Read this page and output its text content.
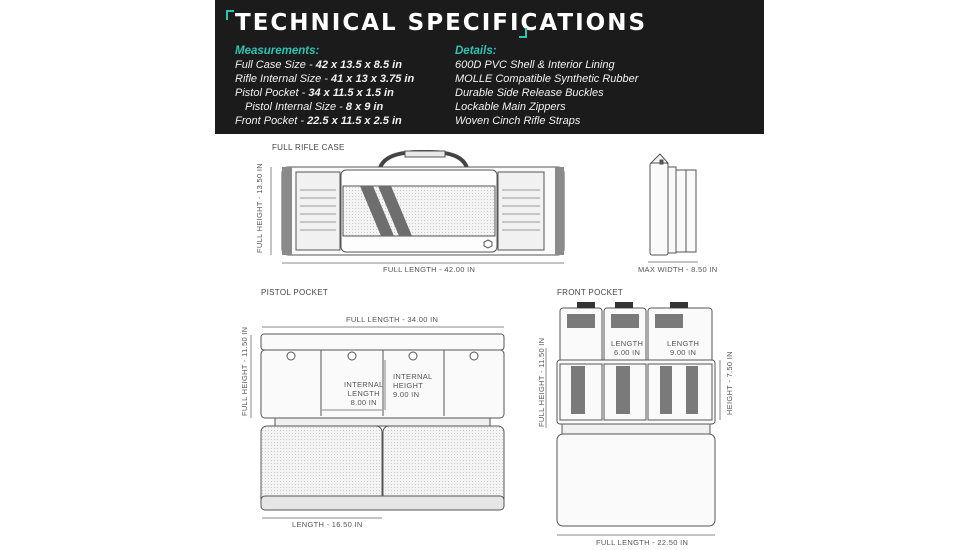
TECHNICAL SPECIFICATIONS
Measurements:
Full Case Size - 42 x 13.5 x 8.5 in
Rifle Internal Size - 41 x 13 x 3.75 in
Pistol Pocket - 34 x 11.5 x 1.5 in
Pistol Internal Size - 8 x 9 in
Front Pocket - 22.5 x 11.5 x 2.5 in
Details:
600D PVC Shell & Interior Lining
MOLLE Compatible Synthetic Rubber
Durable Side Release Buckles
Lockable Main Zippers
Woven Cinch Rifle Straps
FULL RIFLE CASE
FULL HEIGHT - 13.50 IN
FULL LENGTH - 42.00 IN	MAX WIDTH - 8.50 IN
PISTOL POCKET
FULL LENGTH - 34.00 IN
FULL HEIGHT - 11.50 IN	INTERNAL
LENGTH
8.00 IN
INTERNAL
HEIGHT
9.00 IN
LENGTH - 16.50 IN
FRONT POCKET
LENGTH
6.00 IN
LENGTH
9.00 IN
FULL HEIGHT - 11.50 IN	HEIGHT - 7.50 IN
FULL LENGTH - 22.50 IN
